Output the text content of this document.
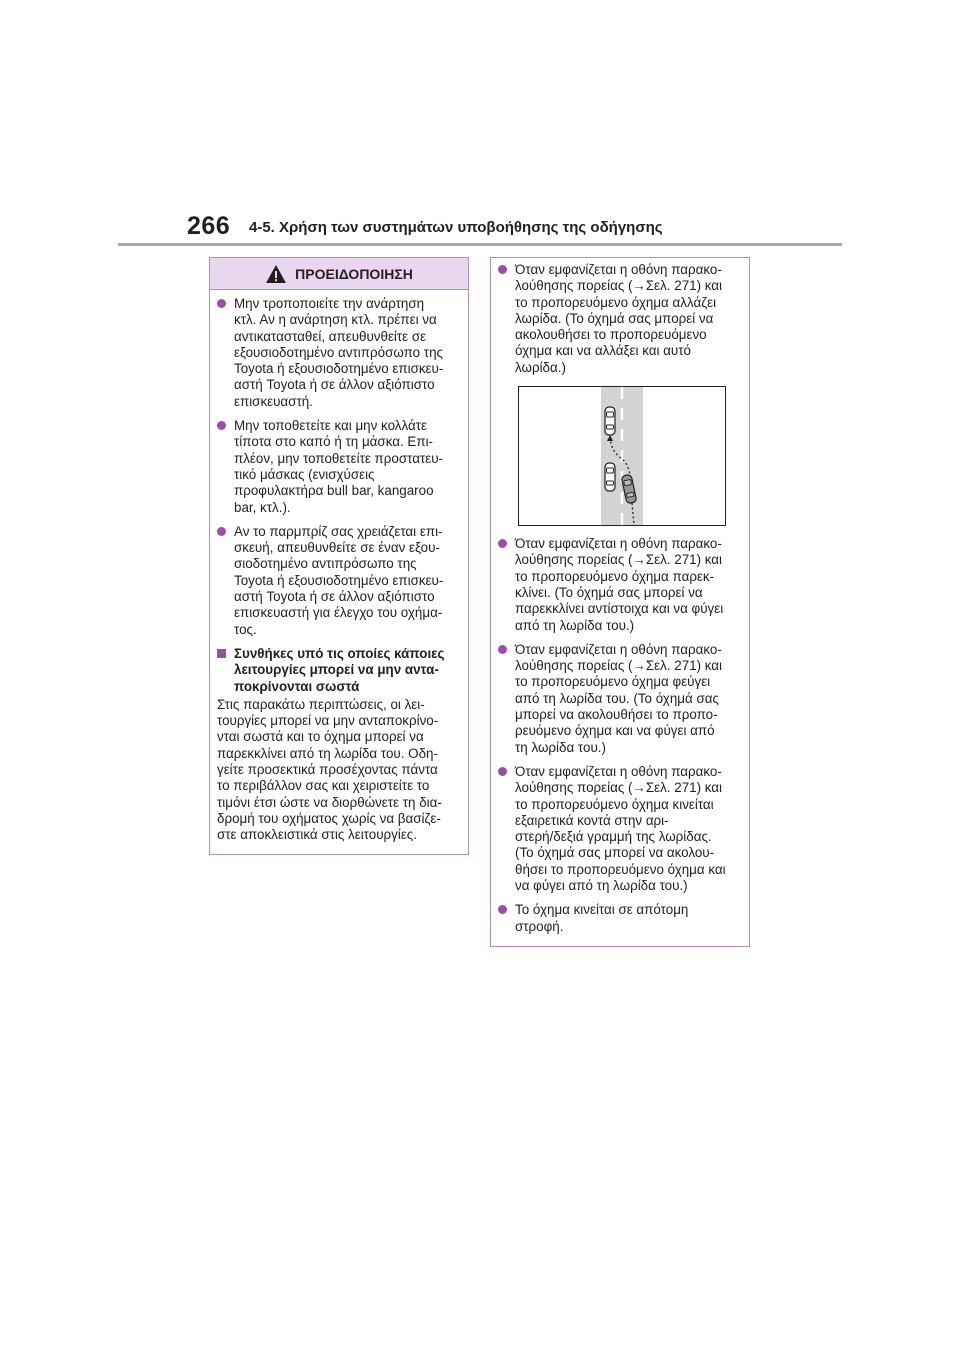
266 4-5. Χρήση των συστημάτων υποβοήθησης της οδήγησης
ΠΡΟΕΙΔΟΠΟΙΗΣΗ
Μην τροποποιείτε την ανάρτηση
κτλ. Αν η ανάρτηση κτλ. πρέπει να
αντικατασταθεί, απευθυνθείτε σε
εξουσιοδοτημένο αντιπρόσωπο της
Toyota ή εξουσιοδοτημένο επισκευ-
αστή Toyota ή σε άλλον αξιόπιστο
επισκευαστή.
Μην τοποθετείτε και μην κολλάτε
τίποτα στο καπό ή τη μάσκα. Επι-
πλέον, μην τοποθετείτε προστατευ-
τικό μάσκας (ενισχύσεις
προφυλακτήρα bull bar, kangaroo
bar, κτλ.).
Αν το παρμπρίζ σας χρειάζεται επι-
σκευή, απευθυνθείτε σε έναν εξου-
σιοδοτημένο αντιπρόσωπο της
Toyota ή εξουσιοδοτημένο επισκευ-
αστή Toyota ή σε άλλον αξιόπιστο
επισκευαστή για έλεγχο του οχήμα-
τος.
Συνθήκες υπό τις οποίες κάποιες
λειτουργίες μπορεί να μην αντα-
ποκρίνονται σωστά
Στις παρακάτω περιπτώσεις, οι λει-
τουργίες μπορεί να μην ανταποκρίνο-
νται σωστά και το όχημα μπορεί να
παρεκκλίνει από τη λωρίδα του. Οδη-
γείτε προσεκτικά προσέχοντας πάντα
το περιβάλλον σας και χειριστείτε το
τιμόνι έτσι ώστε να διορθώνετε τη δια-
δρομή του οχήματος χωρίς να βασίζε-
στε αποκλειστικά στις λειτουργίες.
Όταν εμφανίζεται η οθόνη παρακο-
λούθησης πορείας (→Σελ. 271) και
το προπορευόμενο όχημα αλλάζει
λωρίδα. (Το όχημά σας μπορεί να
ακολουθήσει το προπορευόμενο
όχημα και να αλλάξει και αυτό
λωρίδα.)
Όταν εμφανίζεται η οθόνη παρακο-
λούθησης πορείας (→Σελ. 271) και
το προπορευόμενο όχημα παρεκ-
κλίνει. (Το όχημά σας μπορεί να
παρεκκλίνει αντίστοιχα και να φύγει
από τη λωρίδα του.)
Όταν εμφανίζεται η οθόνη παρακο-
λούθησης πορείας (→Σελ. 271) και
το προπορευόμενο όχημα φεύγει
από τη λωρίδα του. (Το όχημά σας
μπορεί να ακολουθήσει το προπο-
ρευόμενο όχημα και να φύγει από
τη λωρίδα του.)
Όταν εμφανίζεται η οθόνη παρακο-
λούθησης πορείας (→Σελ. 271) και
το προπορευόμενο όχημα κινείται
εξαιρετικά κοντά στην αρι-
στερή/δεξιά γραμμή της λωρίδας.
(Το όχημά σας μπορεί να ακολου-
θήσει το προπορευόμενο όχημα και
να φύγει από τη λωρίδα του.)
Το όχημα κινείται σε απότομη
στροφή.
